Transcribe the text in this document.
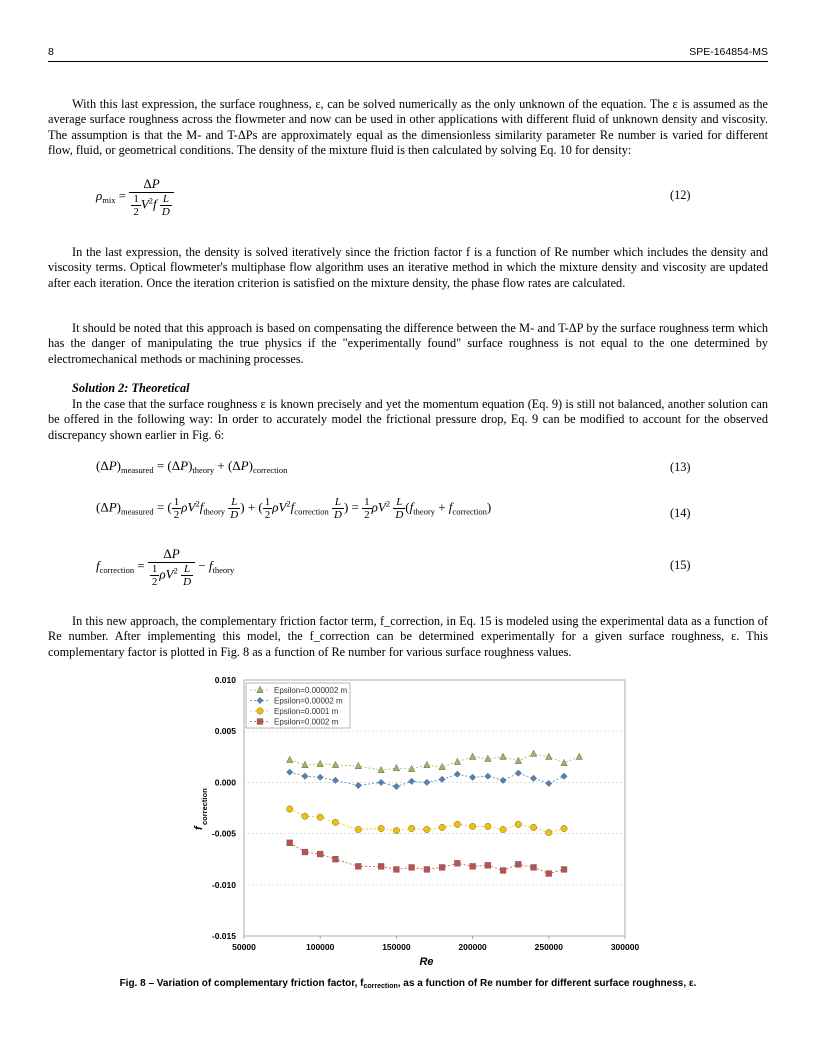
8	SPE-164854-MS

With this last expression, the surface roughness, ε, can be solved numerically as the only unknown of the equation. The ε is assumed as the average surface roughness across the flowmeter and now can be used in other applications with different fluid of unknown density and viscosity. The assumption is that the M- and T-ΔPs are approximately equal as the dimensionless similarity parameter Re number is varied for different flow, fluid, or geometrical conditions. The density of the mixture fluid is then calculated by solving Eq. 10 for density:

$\rho_{mix} = \frac{\Delta P}{\frac{1}{2} V^2f \frac{L}{D}}$	(12)

In the last expression, the density is solved iteratively since the friction factor f is a function of Re number which includes the density and viscosity terms. Optical flowmeter's multiphase flow algorithm uses an iterative method in which the mixture density and viscosity are updated after each iteration. Once the iteration criterion is satisfied on the mixture density, the phase flow rates are calculated.

It should be noted that this approach is based on compensating the difference between the M- and T-ΔP by the surface roughness term which has the danger of manipulating the true physics if the "experimentally found" surface roughness is not equal to the one determined by electromechanical methods or machining processes.

Solution 2: Theoretical

In the case that the surface roughness ε is known precisely and yet the momentum equation (Eq. 9) is still not balanced, another solution can be offered in the following way: In order to accurately model the frictional pressure drop, Eq. 9 can be modified to account for the observed discrepancy shown earlier in Fig. 6:

$(\Delta P)_{measured} = (\Delta P)_{theory} + (\Delta P)_{correction}$	(13)
$(\Delta P)_{measured}$ = ( $\frac{1}{2} \rho V^2f_{theory} \frac{L}{D}$ ) + ( $\frac{1}{2} \rho V^2f_{correction} \frac{L}{D}$ ) = $\frac{1}{2} \rho V^2 \frac{L}{D} (f_{theory} + f_{correction})$	(14)
$f_{correction} = \frac{\Delta P}{\frac{1}{2} \rho V^2 \frac{L}{D}} - f_{theory}$	(15)

In this new approach, the complementary friction factor term, f_correction, in Eq. 15 is modeled using the experimental data as a function of Re number. After implementing this model, the f_correction can be determined experimentally for a given surface roughness, ε. This complementary factor is plotted in Fig. 8 as a function of Re number for various surface roughness values.

Epsilon=0.000002 m
Epsilon=0.00002 m
Epsilon=0.0001 m
Epsilon=0.0002 m
0.010
0.005
0.000
-0.005
-0.010
-0.015
50000	100000	150000	200000	250000	300000
Re
f
correction
Fig. 8 – Variation of complementary friction factor, $f_{correction}$, as a function of Re number for different surface roughness, ε.
